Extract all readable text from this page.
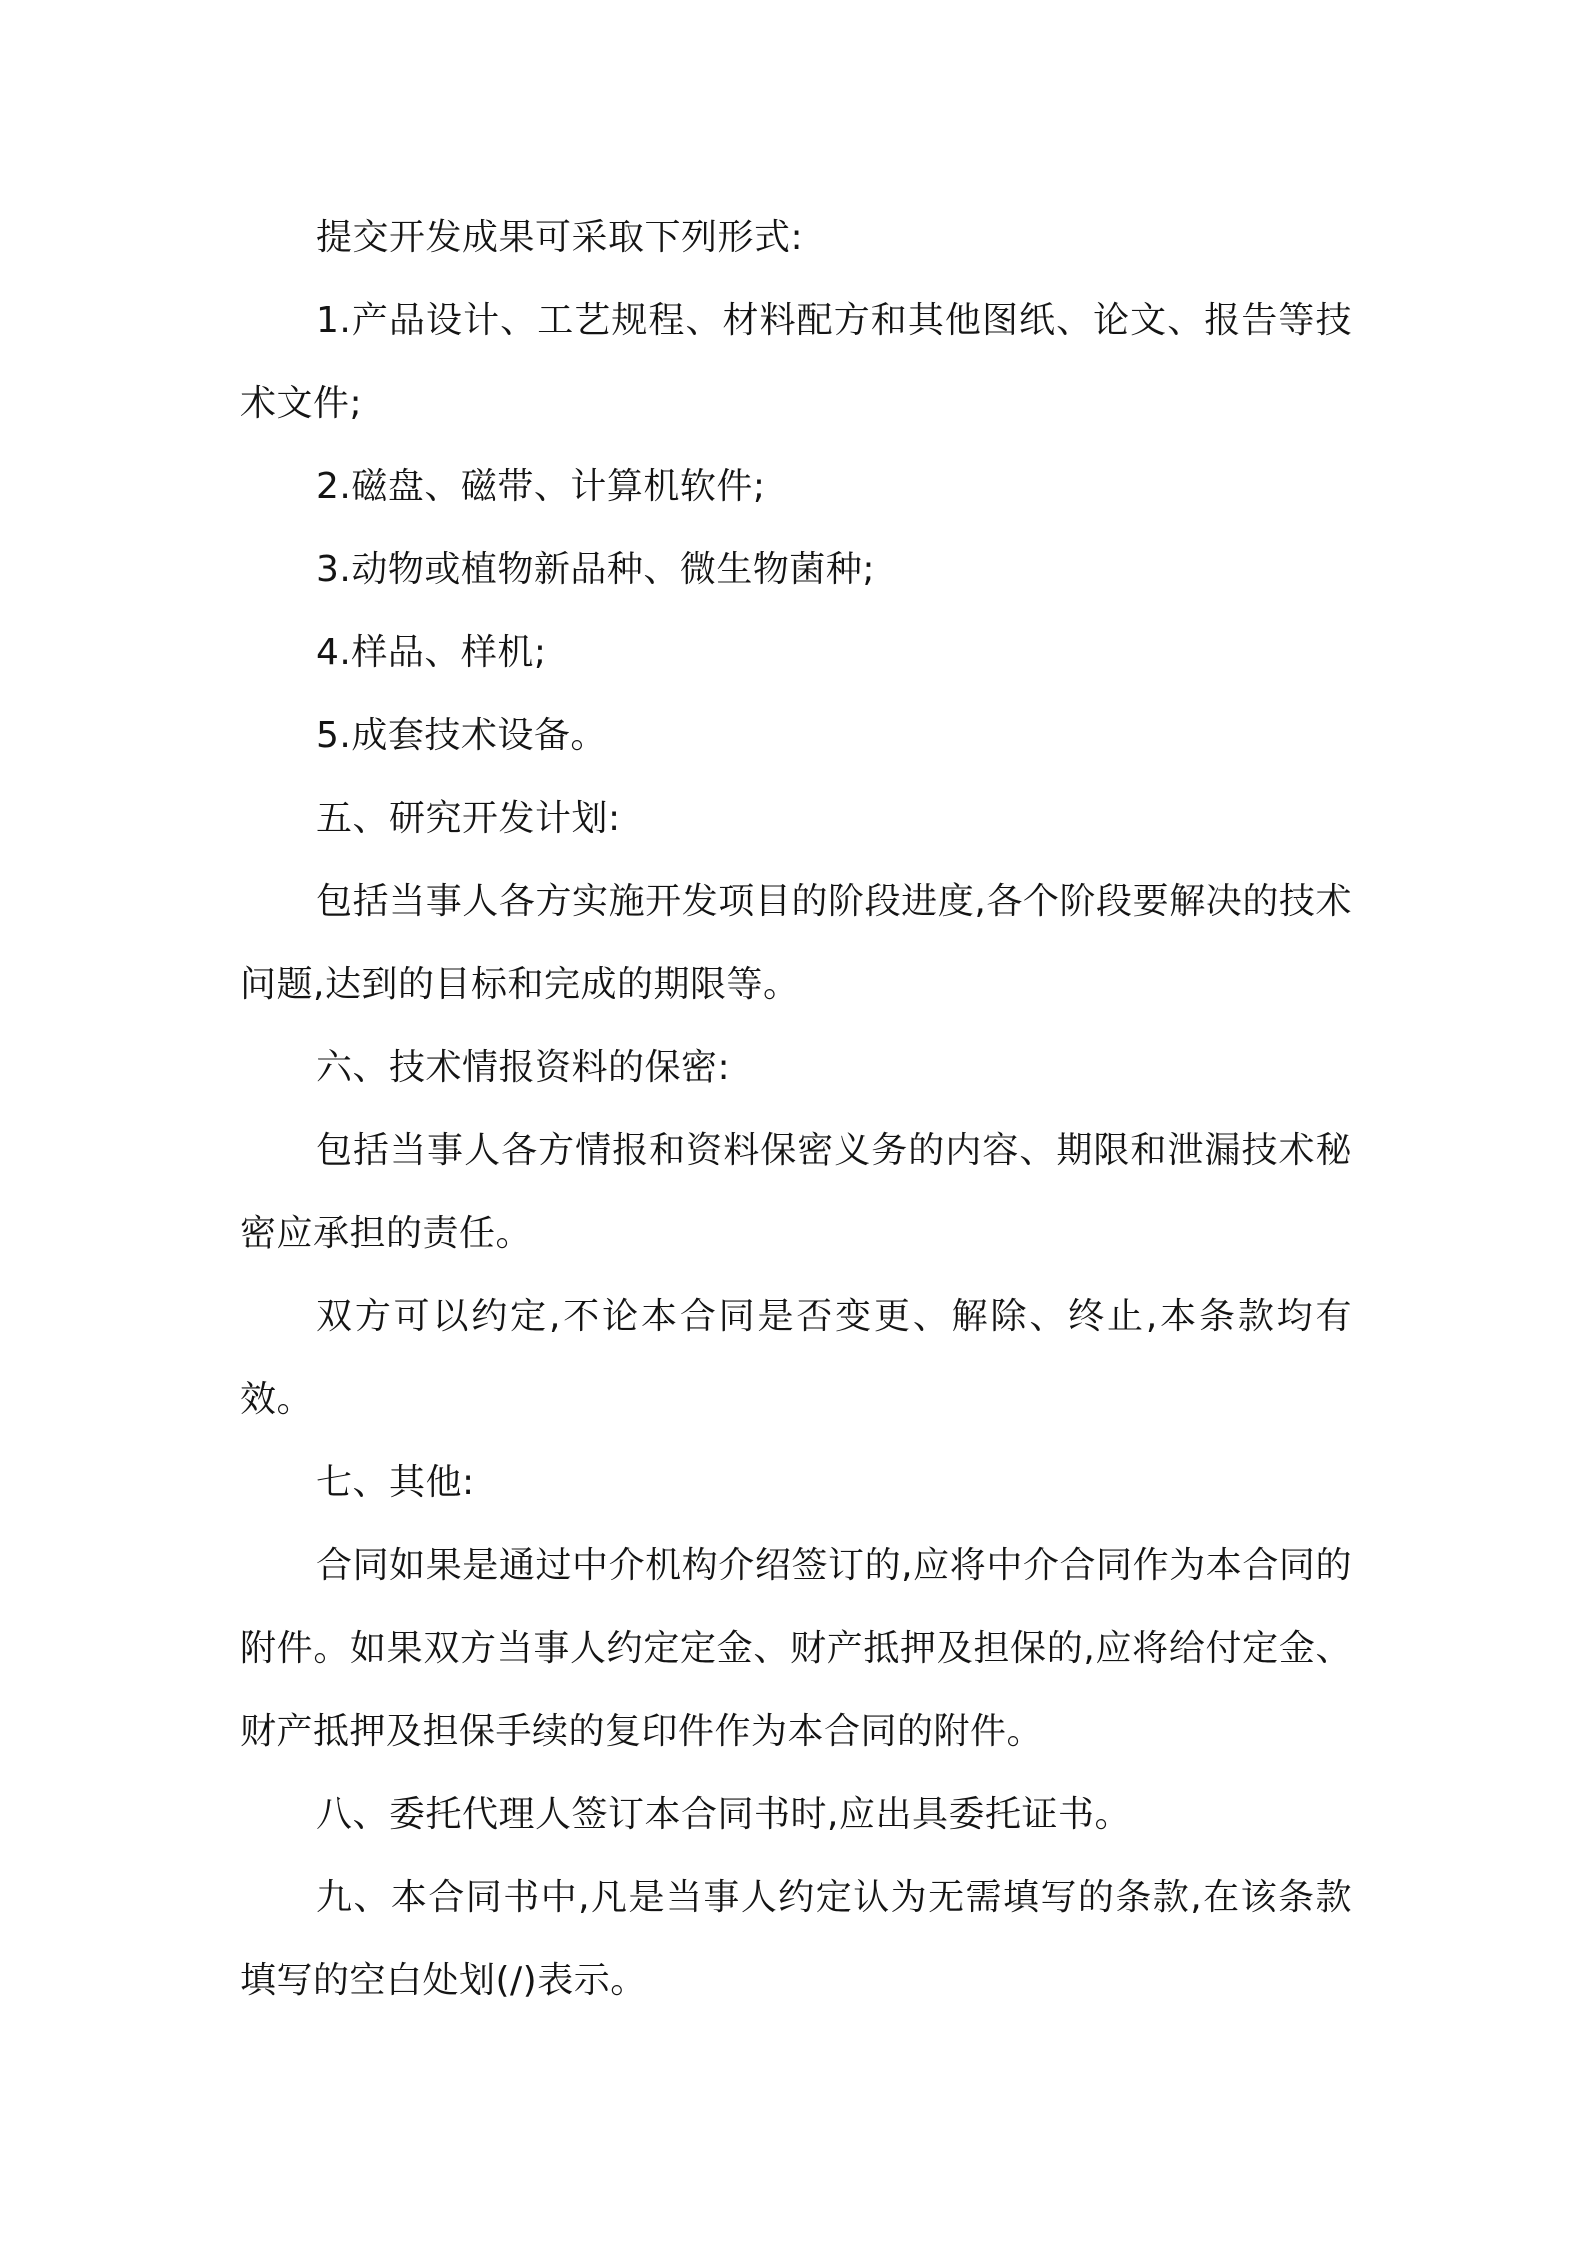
提交开发成果可采取下列形式:

1.产品设计、工艺规程、材料配方和其他图纸、论文、报告等技术文件;

2.磁盘、磁带、计算机软件;

3.动物或植物新品种、微生物菌种;

4.样品、样机;

5.成套技术设备。

五、研究开发计划:

包括当事人各方实施开发项目的阶段进度,各个阶段要解决的技术问题,达到的目标和完成的期限等。

六、技术情报资料的保密:

包括当事人各方情报和资料保密义务的内容、期限和泄漏技术秘密应承担的责任。

双方可以约定,不论本合同是否变更、解除、终止,本条款均有效。

七、其他:

合同如果是通过中介机构介绍签订的,应将中介合同作为本合同的附件。如果双方当事人约定定金、财产抵押及担保的,应将给付定金、财产抵押及担保手续的复印件作为本合同的附件。

八、委托代理人签订本合同书时,应出具委托证书。

九、本合同书中,凡是当事人约定认为无需填写的条款,在该条款填写的空白处划(/)表示。
